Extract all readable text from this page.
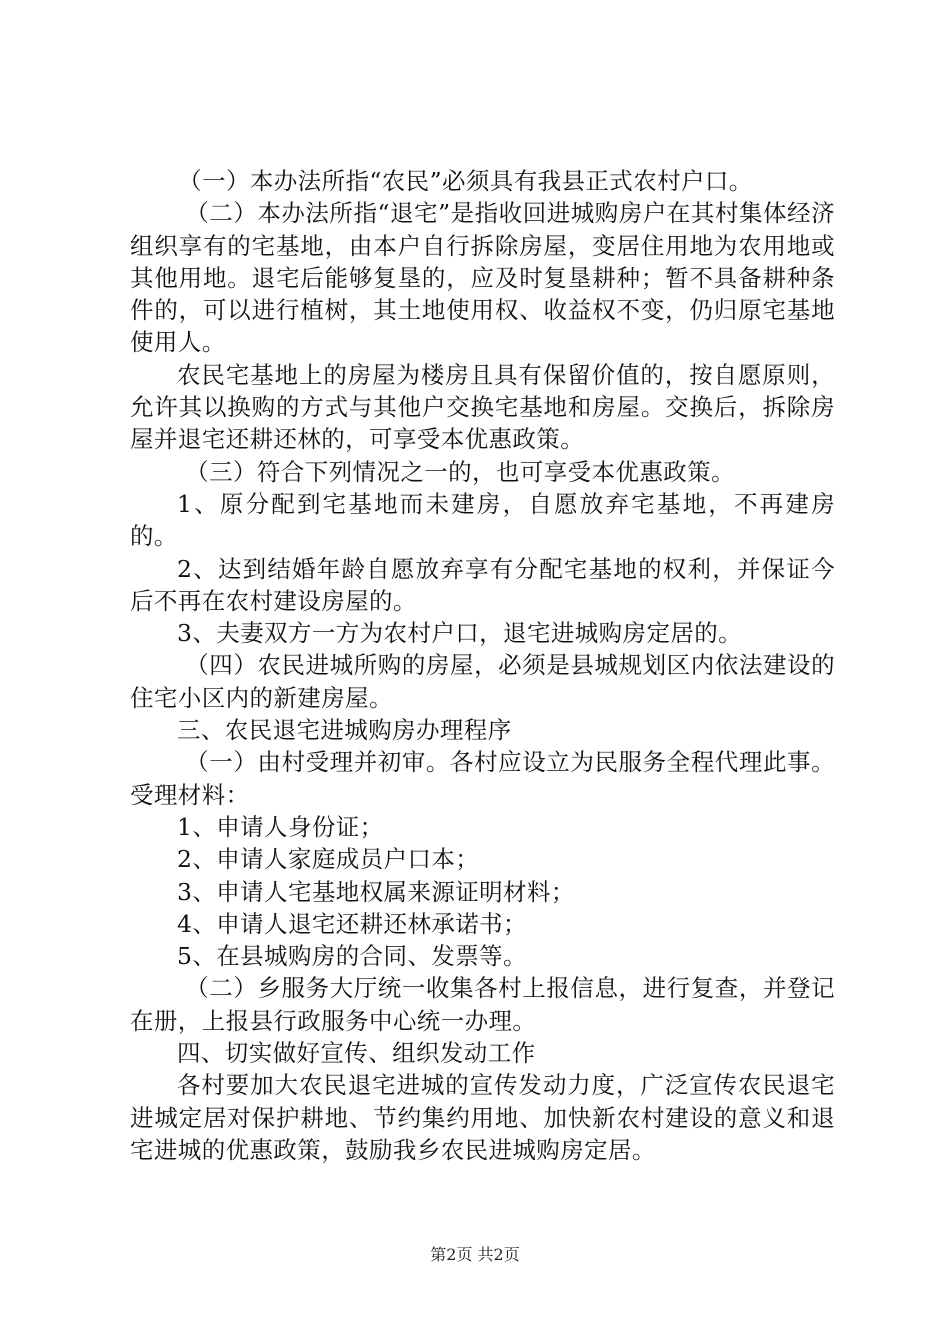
（一）本办法所指“农民”必须具有我县正式农村户口。

（二）本办法所指“退宅”是指收回进城购房户在其村集体经济组织享有的宅基地，由本户自行拆除房屋，变居住用地为农用地或其他用地。退宅后能够复垦的，应及时复垦耕种；暂不具备耕种条件的，可以进行植树，其土地使用权、收益权不变，仍归原宅基地使用人。

农民宅基地上的房屋为楼房且具有保留价值的，按自愿原则，允许其以换购的方式与其他户交换宅基地和房屋。交换后，拆除房屋并退宅还耕还林的，可享受本优惠政策。

（三）符合下列情况之一的，也可享受本优惠政策。

1、原分配到宅基地而未建房，自愿放弃宅基地，不再建房的。

2、达到结婚年龄自愿放弃享有分配宅基地的权利，并保证今后不再在农村建设房屋的。

3、夫妻双方一方为农村户口，退宅进城购房定居的。

（四）农民进城所购的房屋，必须是县城规划区内依法建设的住宅小区内的新建房屋。

三、农民退宅进城购房办理程序

（一）由村受理并初审。各村应设立为民服务全程代理此事。受理材料：

1、申请人身份证；

2、申请人家庭成员户口本；

3、申请人宅基地权属来源证明材料；

4、申请人退宅还耕还林承诺书；

5、在县城购房的合同、发票等。

（二）乡服务大厅统一收集各村上报信息，进行复查，并登记在册，上报县行政服务中心统一办理。

四、切实做好宣传、组织发动工作

各村要加大农民退宅进城的宣传发动力度，广泛宣传农民退宅进城定居对保护耕地、节约集约用地、加快新农村建设的意义和退宅进城的优惠政策，鼓励我乡农民进城购房定居。

第2页 共2页
